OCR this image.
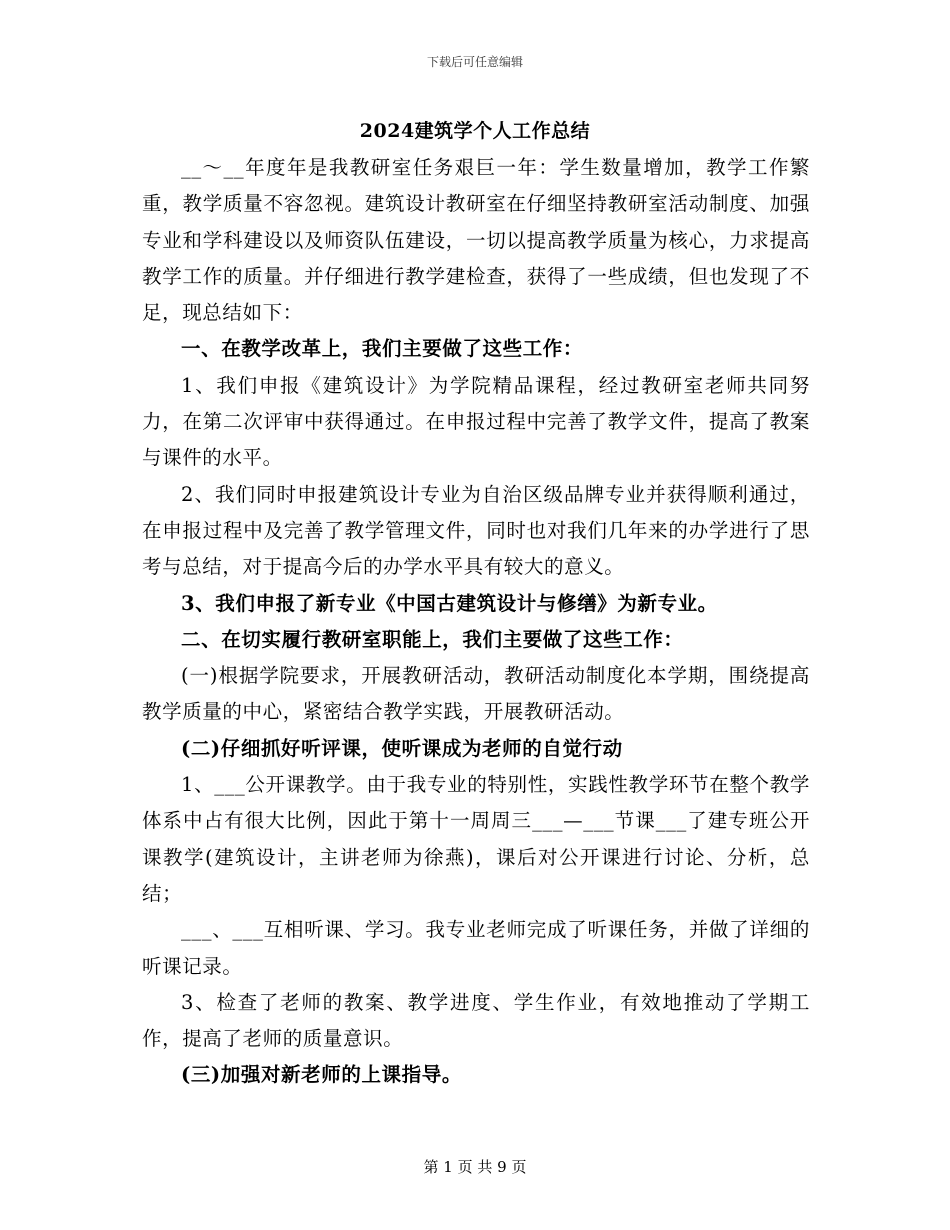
下载后可任意编辑
2024建筑学个人工作总结

__～__年度年是我教研室任务艰巨一年：学生数量增加，教学工作繁重，教学质量不容忽视。建筑设计教研室在仔细坚持教研室活动制度、加强专业和学科建设以及师资队伍建设，一切以提高教学质量为核心，力求提高教学工作的质量。并仔细进行教学建检查，获得了一些成绩，但也发现了不足，现总结如下：

一、在教学改革上，我们主要做了这些工作：

1、我们申报《建筑设计》为学院精品课程，经过教研室老师共同努力，在第二次评审中获得通过。在申报过程中完善了教学文件，提高了教案与课件的水平。

2、我们同时申报建筑设计专业为自治区级品牌专业并获得顺利通过，在申报过程中及完善了教学管理文件，同时也对我们几年来的办学进行了思考与总结，对于提高今后的办学水平具有较大的意义。

3、我们申报了新专业《中国古建筑设计与修缮》为新专业。

二、在切实履行教研室职能上，我们主要做了这些工作：

(一)根据学院要求，开展教研活动，教研活动制度化本学期，围绕提高教学质量的中心，紧密结合教学实践，开展教研活动。

(二)仔细抓好听评课，使听课成为老师的自觉行动

1、___公开课教学。由于我专业的特别性，实践性教学环节在整个教学体系中占有很大比例，因此于第十一周周三___—___节课___了建专班公开课教学(建筑设计，主讲老师为徐燕)，课后对公开课进行讨论、分析，总结；

___、___互相听课、学习。我专业老师完成了听课任务，并做了详细的听课记录。

3、检查了老师的教案、教学进度、学生作业，有效地推动了学期工作，提高了老师的质量意识。

(三)加强对新老师的上课指导。

第 1 页 共 9 页
